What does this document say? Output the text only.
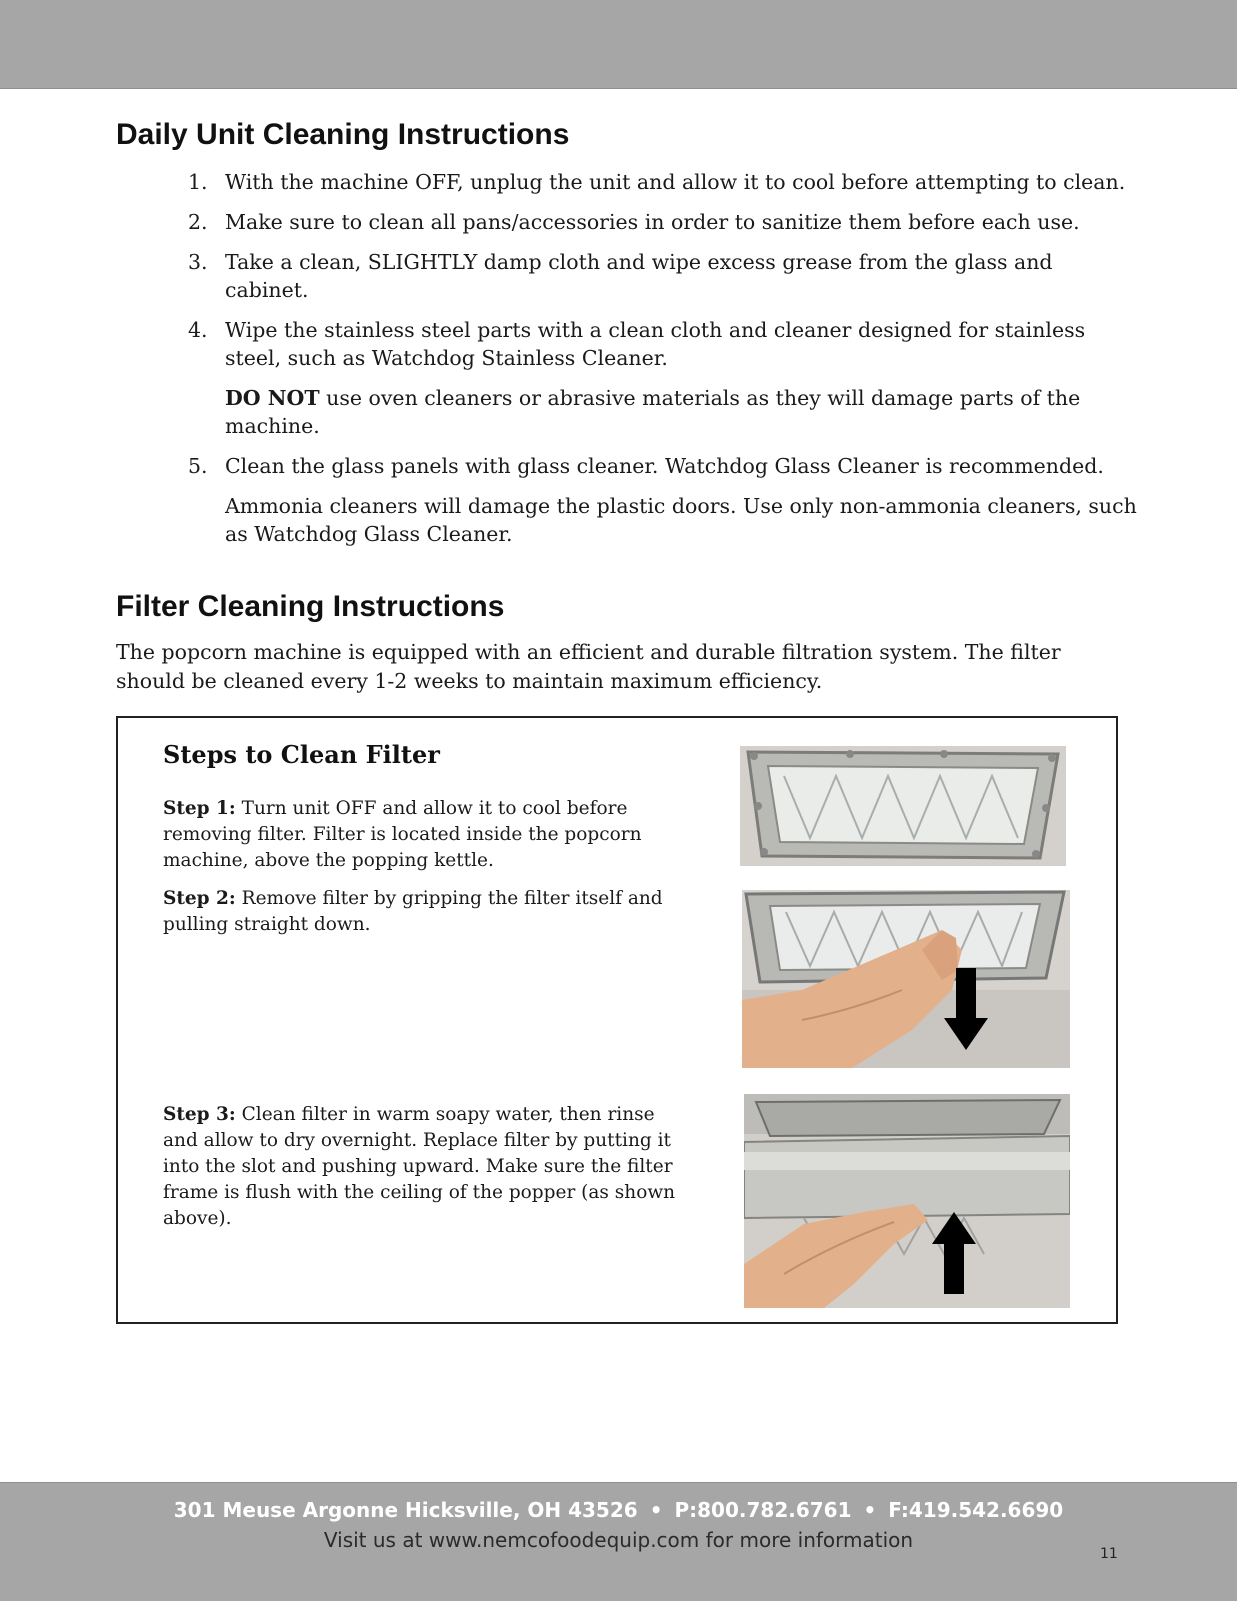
Daily Unit Cleaning Instructions
1. With the machine OFF, unplug the unit and allow it to cool before attempting to clean.

2. Make sure to clean all pans/accessories in order to sanitize them before each use.

3. Take a clean, SLIGHTLY damp cloth and wipe excess grease from the glass and cabinet.

4. Wipe the stainless steel parts with a clean cloth and cleaner designed for stainless steel, such as Watchdog Stainless Cleaner.

DO NOT use oven cleaners or abrasive materials as they will damage parts of the machine.

5. Clean the glass panels with glass cleaner. Watchdog Glass Cleaner is recommended.

Ammonia cleaners will damage the plastic doors. Use only non-ammonia cleaners, such as Watchdog Glass Cleaner.

Filter Cleaning Instructions

The popcorn machine is equipped with an efficient and durable filtration system. The filter should be cleaned every 1-2 weeks to maintain maximum efficiency.

Steps to Clean Filter

Step 1: Turn unit OFF and allow it to cool before removing filter. Filter is located inside the popcorn machine, above the popping kettle.

Step 2: Remove filter by gripping the filter itself and pulling straight down.

Step 3: Clean filter in warm soapy water, then rinse and allow to dry overnight. Replace filter by putting it into the slot and pushing upward. Make sure the filter frame is flush with the ceiling of the popper (as shown above).

301 Meuse Argonne Hicksville, OH 43526 • P:800.782.6761 • F:419.542.6690
Visit us at www.nemcofoodequip.com for more information
11
